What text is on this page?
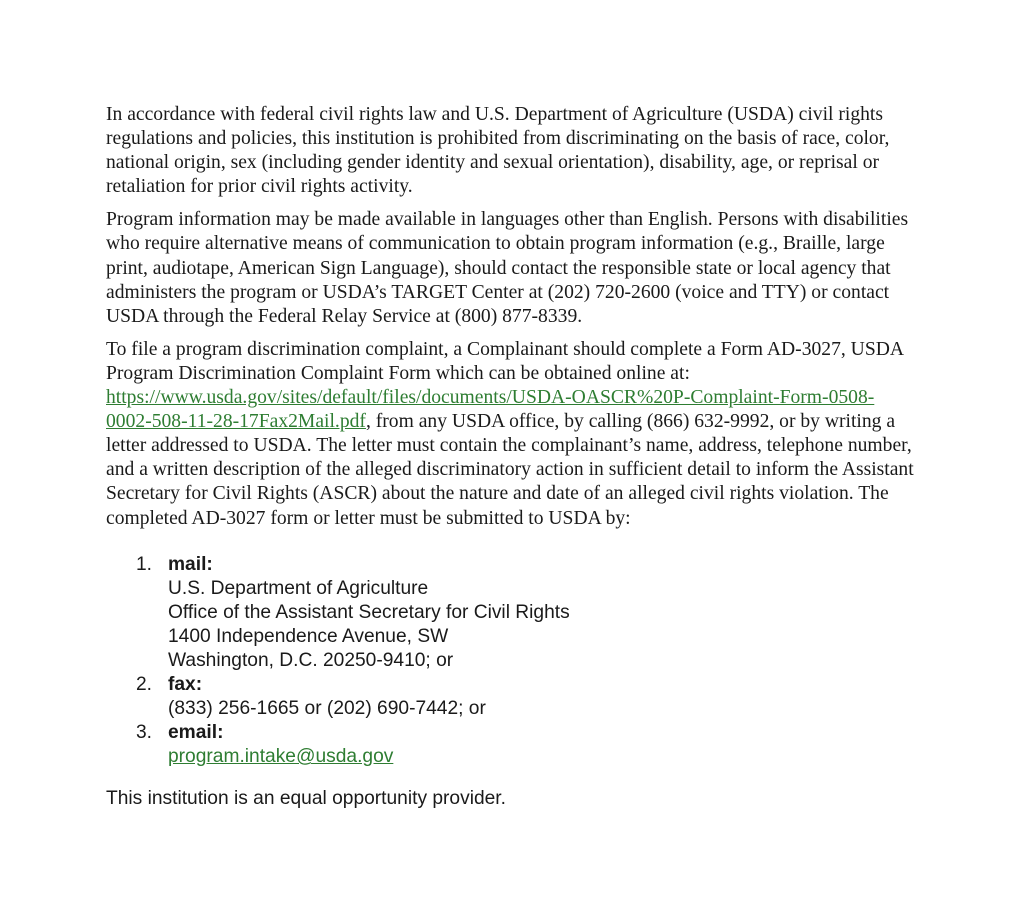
In accordance with federal civil rights law and U.S. Department of Agriculture (USDA) civil rights regulations and policies, this institution is prohibited from discriminating on the basis of race, color, national origin, sex (including gender identity and sexual orientation), disability, age, or reprisal or retaliation for prior civil rights activity.

Program information may be made available in languages other than English. Persons with disabilities who require alternative means of communication to obtain program information (e.g., Braille, large print, audiotape, American Sign Language), should contact the responsible state or local agency that administers the program or USDA’s TARGET Center at (202) 720-2600 (voice and TTY) or contact USDA through the Federal Relay Service at (800) 877-8339.

To file a program discrimination complaint, a Complainant should complete a Form AD-3027, USDA Program Discrimination Complaint Form which can be obtained online at: https://www.usda.gov/sites/default/files/documents/USDA-OASCR%20P-Complaint-Form-0508-0002-508-11-28-17Fax2Mail.pdf, from any USDA office, by calling (866) 632-9992, or by writing a letter addressed to USDA. The letter must contain the complainant’s name, address, telephone number, and a written description of the alleged discriminatory action in sufficient detail to inform the Assistant Secretary for Civil Rights (ASCR) about the nature and date of an alleged civil rights violation. The completed AD-3027 form or letter must be submitted to USDA by:

1. mail:
U.S. Department of Agriculture
Office of the Assistant Secretary for Civil Rights
1400 Independence Avenue, SW
Washington, D.C. 20250-9410; or
2. fax:
(833) 256-1665 or (202) 690-7442; or
3. email:
program.intake@usda.gov

This institution is an equal opportunity provider.
